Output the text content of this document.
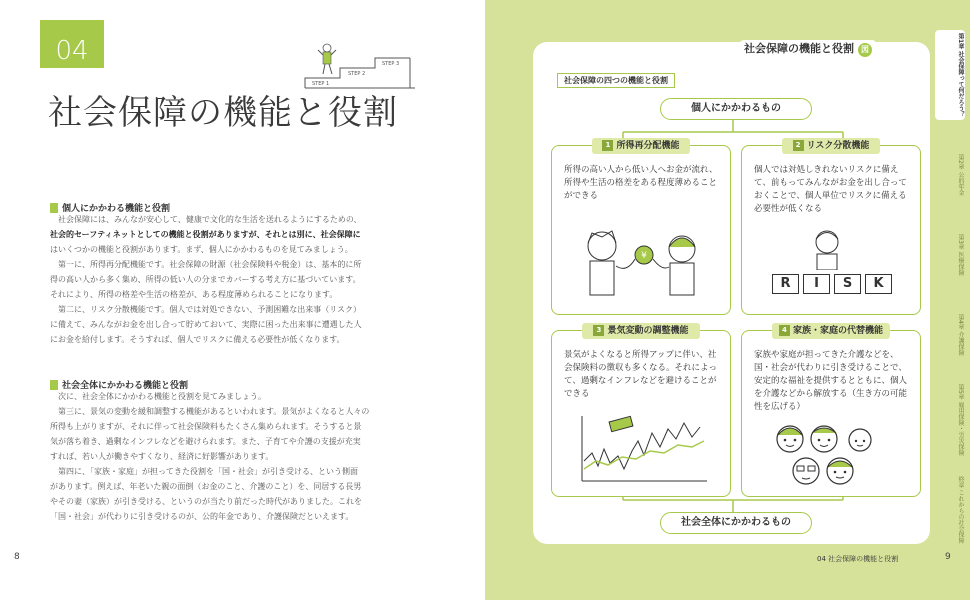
04
社会保障の機能と役割
STEP 1
STEP 2
STEP 3
個人にかかわる機能と役割
社会保障には、みんなが安心して、健康で文化的な生活を送れるようにするための、
社会的セーフティネットとしての機能と役割がありますが、それとは別に、社会保障に
はいくつかの機能と役割があります。まず、個人にかかわるものを見てみましょう。
第一に、所得再分配機能です。社会保障の財源（社会保険料や税金）は、基本的に所
得の高い人から多く集め、所得の低い人の分までカバーする考え方に基づいています。
それにより、所得の格差や生活の格差が、ある程度薄められることになります。
第二に、リスク分散機能です。個人では対処できない、予測困難な出来事（リスク）
に備えて、みんながお金を出し合って貯めておいて、実際に困った出来事に遭遇した人
にお金を給付します。そうすれば、個人でリスクに備える必要性が低くなります。
社会全体にかかわる機能と役割
次に、社会全体にかかわる機能と役割を見てみましょう。
第三に、景気の変動を緩和調整する機能があるといわれます。景気がよくなると人々の
所得も上がりますが、それに伴って社会保険料もたくさん集められます。そうすると景
気が落ち着き、過剰なインフレなどを避けられます。また、子育てや介護の支援が充実
すれば、若い人が働きやすくなり、経済に好影響があります。
第四に、「家族・家庭」が担ってきた役割を「国・社会」が引き受ける、という側面
があります。例えば、年老いた親の面倒（お金のこと、介護のこと）を、同居する長男
やその妻（家族）が引き受ける、というのが当たり前だった時代がありました。これを
「国・社会」が代わりに引き受けるのが、公的年金であり、介護保険だといえます。
8
第1章 社会保障って何だろう？
第2章 公的年金
第3章 医療保険
第4章 介護保険
第5章 雇用保険・労災保険
終章 これからの社会保障
社会保障の機能と役割 図
社会保障の四つの機能と役割
個人にかかわるもの
社会全体にかかわるもの
1 所得再分配機能
所得の高い人から低い人へお金が流れ、所得や生活の格差をある程度薄めることができる
¥
2 リスク分散機能
個人では対処しきれないリスクに備えて、前もってみんながお金を出し合っておくことで、個人単位でリスクに備える必要性が低くなる
R	I	S	K
3 景気変動の調整機能
景気がよくなると所得アップに伴い、社会保険料の徴収も多くなる。それによって、過剰なインフレなどを避けることができる
4 家族・家庭の代替機能
家族や家庭が担ってきた介護などを、国・社会が代わりに引き受けることで、安定的な福祉を提供するとともに、個人を介護などから解放する（生き方の可能性を広げる）
04 社会保障の機能と役割	9
